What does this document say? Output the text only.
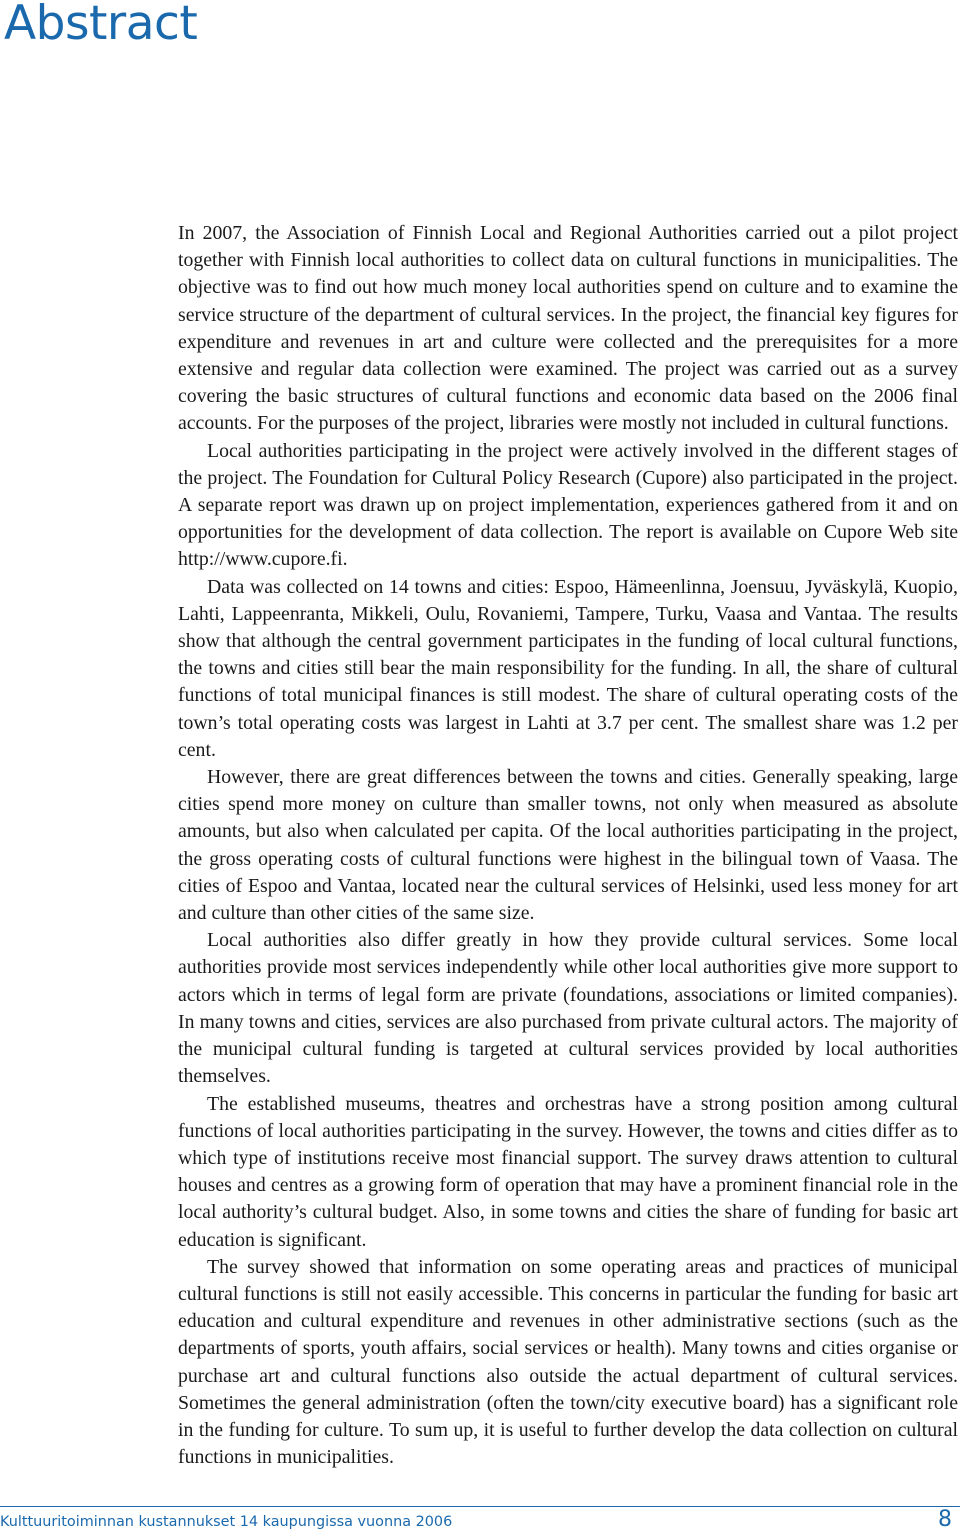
Abstract

In 2007, the Association of Finnish Local and Regional Authorities carried out a pilot project together with Finnish local authorities to collect data on cultural functions in municipalities. The objective was to find out how much money local authorities spend on culture and to examine the service structure of the department of cultural services. In the project, the financial key figures for expenditure and revenues in art and culture were collected and the prerequisites for a more extensive and regular data collection were examined. The project was carried out as a survey covering the basic structures of cultural functions and economic data based on the 2006 final accounts. For the purposes of the project, libraries were mostly not included in cultural functions.

Local authorities participating in the project were actively involved in the different stages of the project. The Foundation for Cultural Policy Research (Cupore) also participated in the project. A separate report was drawn up on project implementation, experiences gathered from it and on opportunities for the development of data collection. The report is available on Cupore Web site http://www.cupore.fi.

Data was collected on 14 towns and cities: Espoo, Hämeenlinna, Joensuu, Jyväskylä, Kuopio, Lahti, Lappeenranta, Mikkeli, Oulu, Rovaniemi, Tampere, Turku, Vaasa and Vantaa. The results show that although the central government participates in the funding of local cultural functions, the towns and cities still bear the main responsibility for the funding. In all, the share of cultural functions of total municipal finances is still modest. The share of cultural operating costs of the town’s total operating costs was largest in Lahti at 3.7 per cent. The smallest share was 1.2 per cent.

However, there are great differences between the towns and cities. Generally speaking, large cities spend more money on culture than smaller towns, not only when measured as absolute amounts, but also when calculated per capita. Of the local authorities participating in the project, the gross operating costs of cultural functions were highest in the bilingual town of Vaasa. The cities of Espoo and Vantaa, located near the cultural services of Helsinki, used less money for art and culture than other cities of the same size.

Local authorities also differ greatly in how they provide cultural services. Some local authorities provide most services independently while other local authorities give more support to actors which in terms of legal form are private (foundations, associations or limited companies). In many towns and cities, services are also purchased from private cultural actors. The majority of the municipal cultural funding is targeted at cultural services provided by local authorities themselves.

The established museums, theatres and orchestras have a strong position among cultural functions of local authorities participating in the survey. However, the towns and cities differ as to which type of institutions receive most financial support. The survey draws attention to cultural houses and centres as a growing form of operation that may have a prominent financial role in the local authority’s cultural budget. Also, in some towns and cities the share of funding for basic art education is significant.

The survey showed that information on some operating areas and practices of municipal cultural functions is still not easily accessible. This concerns in particular the funding for basic art education and cultural expenditure and revenues in other administrative sections (such as the departments of sports, youth affairs, social services or health). Many towns and cities organise or purchase art and cultural functions also outside the actual department of cultural services. Sometimes the general administration (often the town/city executive board) has a significant role in the funding for culture. To sum up, it is useful to further develop the data collection on cultural functions in municipalities.

Kulttuuritoiminnan kustannukset 14 kaupungissa vuonna 2006	8
